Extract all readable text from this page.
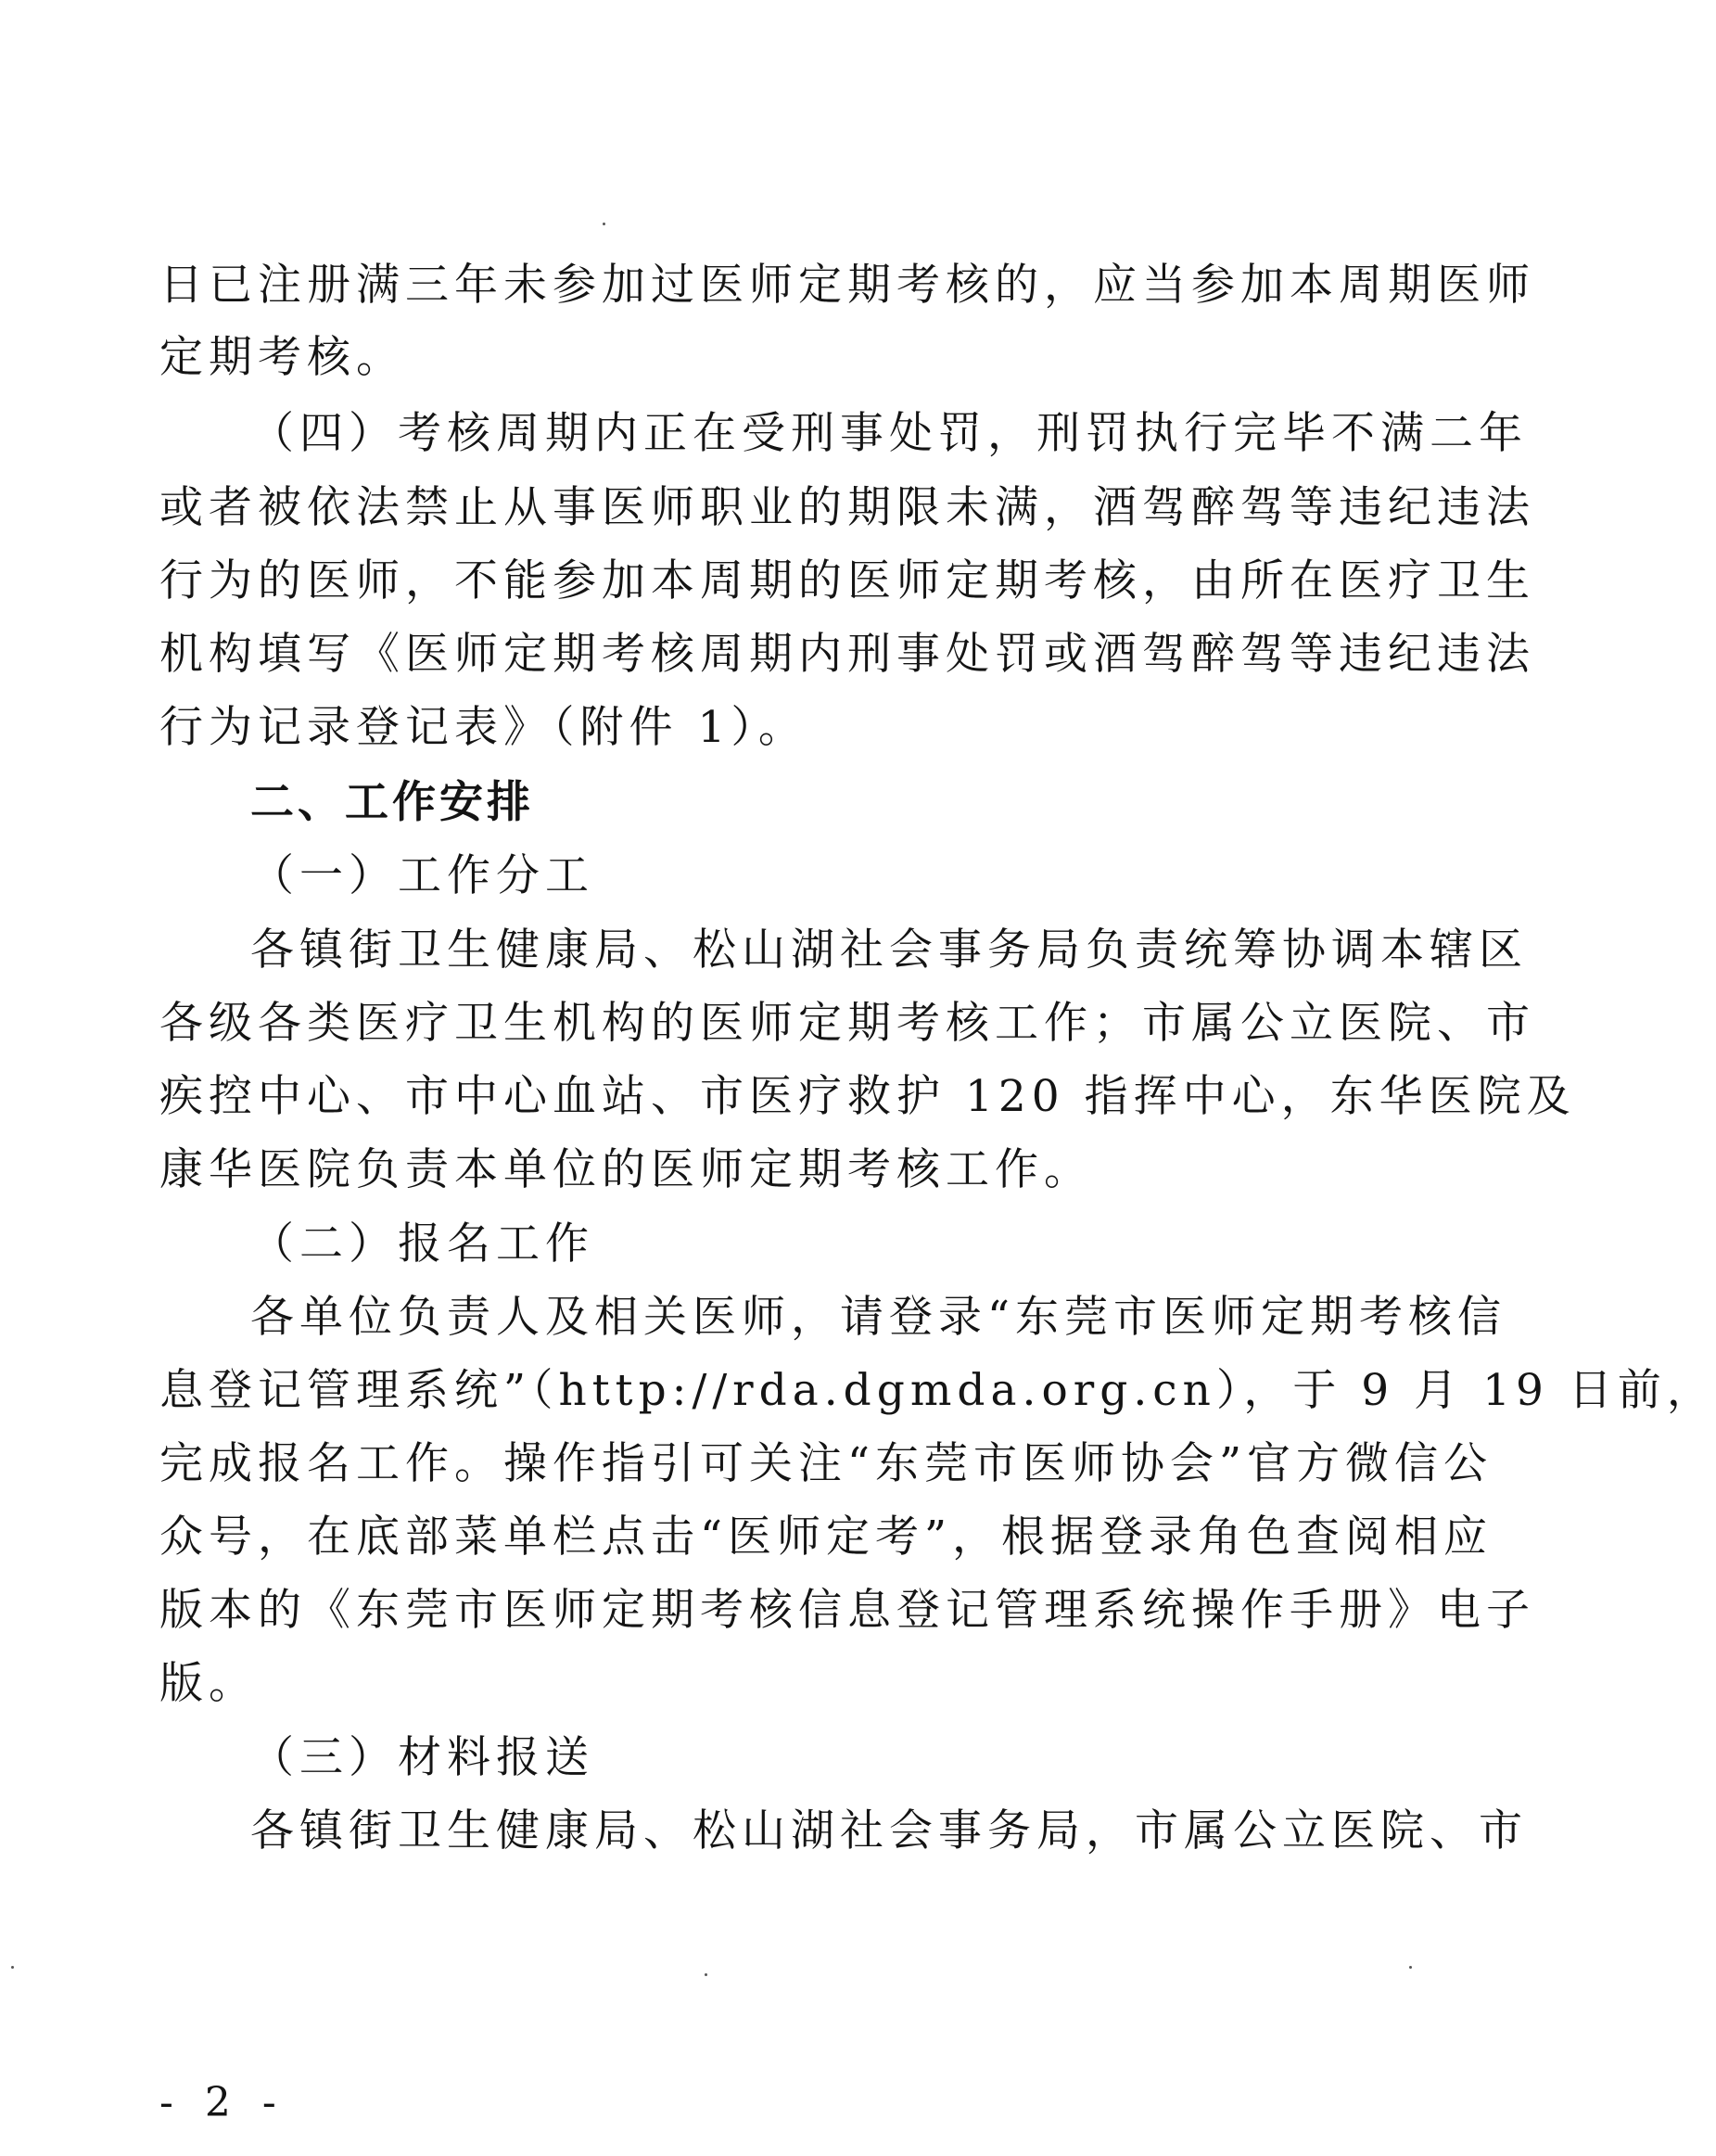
日已注册满三年未参加过医师定期考核的，应当参加本周期医师
定期考核。
（四）考核周期内正在受刑事处罚，刑罚执行完毕不满二年
或者被依法禁止从事医师职业的期限未满，酒驾醉驾等违纪违法
行为的医师，不能参加本周期的医师定期考核，由所在医疗卫生
机构填写《医师定期考核周期内刑事处罚或酒驾醉驾等违纪违法
行为记录登记表》（附件 1）。
二、工作安排
（一）工作分工
各镇街卫生健康局、松山湖社会事务局负责统筹协调本辖区
各级各类医疗卫生机构的医师定期考核工作；市属公立医院、市
疾控中心、市中心血站、市医疗救护 120 指挥中心，东华医院及
康华医院负责本单位的医师定期考核工作。
（二）报名工作
各单位负责人及相关医师，请登录“东莞市医师定期考核信
息登记管理系统”（http://rda.dgmda.org.cn），于 9 月 19 日前，
完成报名工作。操作指引可关注“东莞市医师协会”官方微信公
众号，在底部菜单栏点击“医师定考”，根据登录角色查阅相应
版本的《东莞市医师定期考核信息登记管理系统操作手册》电子
版。
（三）材料报送
各镇街卫生健康局、松山湖社会事务局，市属公立医院、市
- 2 -
